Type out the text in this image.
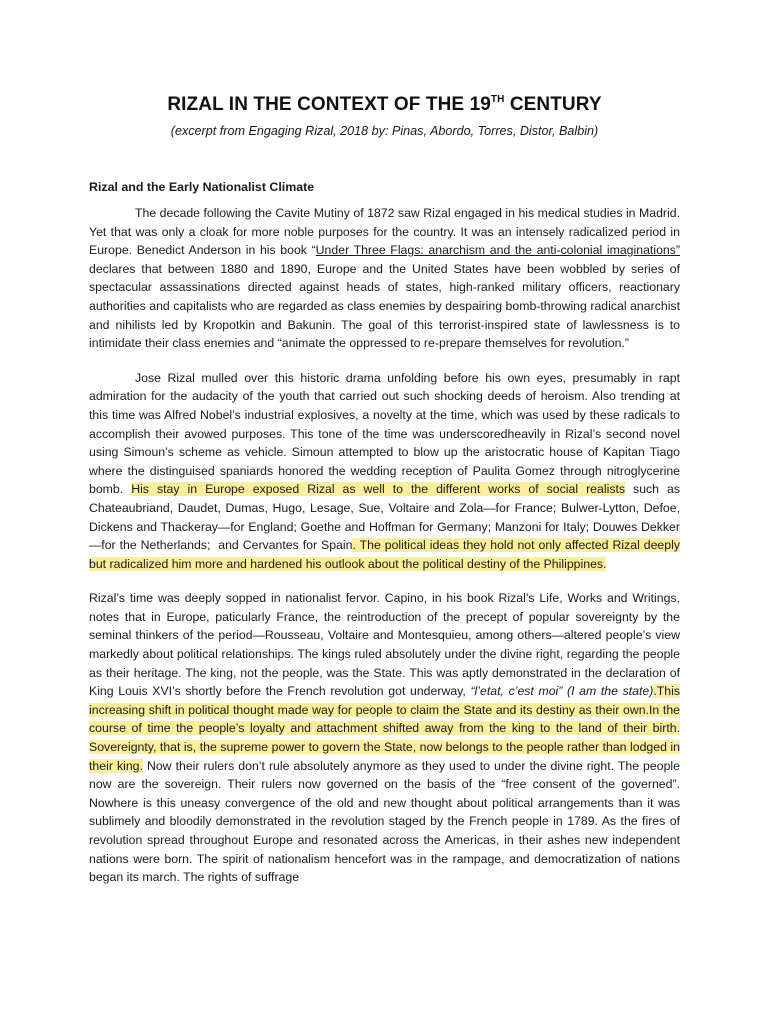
RIZAL IN THE CONTEXT OF THE 19TH CENTURY
(excerpt from Engaging Rizal, 2018 by: Pinas, Abordo, Torres, Distor, Balbin)
Rizal and the Early Nationalist Climate

The decade following the Cavite Mutiny of 1872 saw Rizal engaged in his medical studies in Madrid. Yet that was only a cloak for more noble purposes for the country. It was an intensely radicalized period in Europe. Benedict Anderson in his book “Under Three Flags: anarchism and the anti-colonial imaginations” declares that between 1880 and 1890, Europe and the United States have been wobbled by series of spectacular assassinations directed against heads of states, high-ranked military officers, reactionary authorities and capitalists who are regarded as class enemies by despairing bomb-throwing radical anarchist and nihilists led by Kropotkin and Bakunin. The goal of this terrorist-inspired state of lawlessness is to intimidate their class enemies and “animate the oppressed to re-prepare themselves for revolution.”

Jose Rizal mulled over this historic drama unfolding before his own eyes, presumably in rapt admiration for the audacity of the youth that carried out such shocking deeds of heroism. Also trending at this time was Alfred Nobel’s industrial explosives, a novelty at the time, which was used by these radicals to accomplish their avowed purposes. This tone of the time was underscoredheavily in Rizal’s second novel using Simoun’s scheme as vehicle. Simoun attempted to blow up the aristocratic house of Kapitan Tiago where the distinguised spaniards honored the wedding reception of Paulita Gomez through nitroglycerine bomb. His stay in Europe exposed Rizal as well to the different works of social realists such as Chateaubriand, Daudet, Dumas, Hugo, Lesage, Sue, Voltaire and Zola—for France; Bulwer-Lytton, Defoe, Dickens and Thackeray—for England; Goethe and Hoffman for Germany; Manzoni for Italy; Douwes Dekker—for the Netherlands;  and Cervantes for Spain. The political ideas they hold not only affected Rizal deeply but radicalized him more and hardened his outlook about the political destiny of the Philippines.

Rizal’s time was deeply sopped in nationalist fervor. Capino, in his book Rizal’s Life, Works and Writings, notes that in Europe, paticularly France, the reintroduction of the precept of popular sovereignty by the seminal thinkers of the period—Rousseau, Voltaire and Montesquieu, among others—altered people’s view markedly about political relationships. The kings ruled absolutely under the divine right, regarding the people as their heritage. The king, not the people, was the State. This was aptly demonstrated in the declaration of King Louis XVI’s shortly before the French revolution got underway, “l’etat, c’est moi” (I am the state).This increasing shift in political thought made way for people to claim the State and its destiny as their own.In the course of time the people’s loyalty and attachment shifted away from the king to the land of their birth. Sovereignty, that is, the supreme power to govern the State, now belongs to the people rather than lodged in their king. Now their rulers don’t rule absolutely anymore as they used to under the divine right. The people now are the sovereign. Their rulers now governed on the basis of the “free consent of the governed”. Nowhere is this uneasy convergence of the old and new thought about political arrangements than it was sublimely and bloodily demonstrated in the revolution staged by the French people in 1789. As the fires of revolution spread throughout Europe and resonated across the Americas, in their ashes new independent nations were born. The spirit of nationalism hencefort was in the rampage, and democratization of nations began its march. The rights of suffrage
